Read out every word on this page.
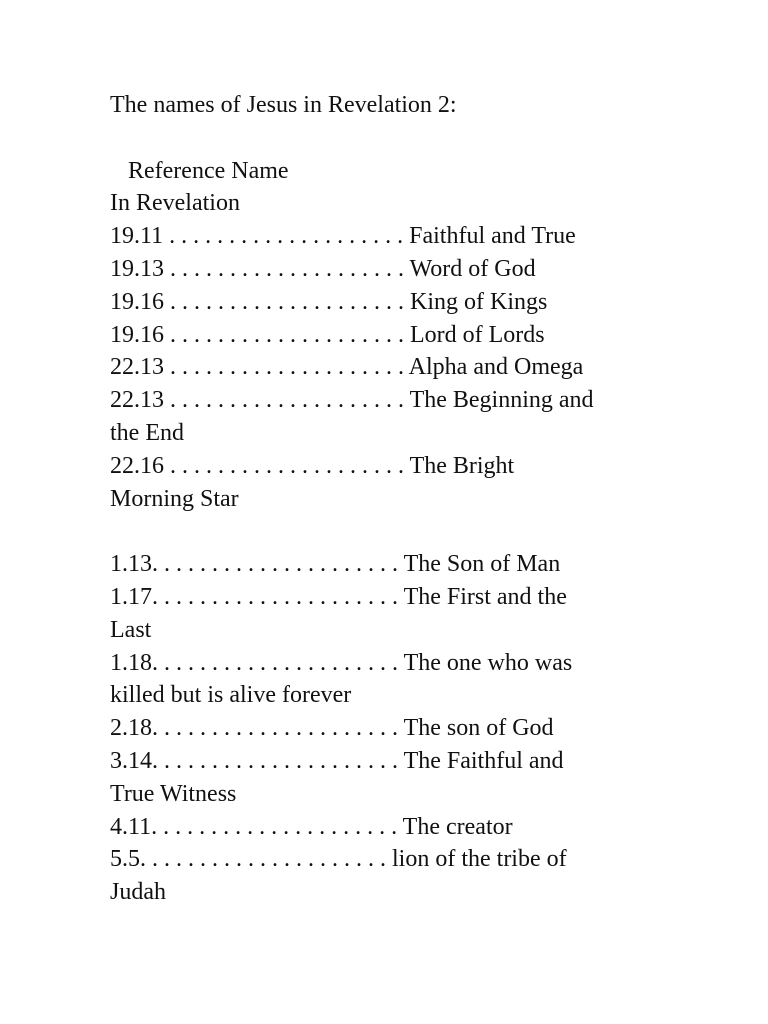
The names of Jesus in Revelation 2:
Reference Name
In Revelation
19.11 . . . . . . . . . . . . . . . . . . . . Faithful and True
19.13 . . . . . . . . . . . . . . . . . . . . Word of God
19.16 . . . . . . . . . . . . . . . . . . . . King of Kings
19.16 . . . . . . . . . . . . . . . . . . . . Lord of Lords
22.13 . . . . . . . . . . . . . . . . . . . . Alpha and Omega
22.13 . . . . . . . . . . . . . . . . . . . . The Beginning and
the End
22.16 . . . . . . . . . . . . . . . . . . . . The Bright
Morning Star
1.13. . . . . . . . . . . . . . . . . . . . . The Son of Man
1.17. . . . . . . . . . . . . . . . . . . . . The First and the
Last
1.18. . . . . . . . . . . . . . . . . . . . . The one who was
killed but is alive forever
2.18. . . . . . . . . . . . . . . . . . . . . The son of God
3.14. . . . . . . . . . . . . . . . . . . . . The Faithful and
True Witness
4.11. . . . . . . . . . . . . . . . . . . . . The creator
5.5. . . . . . . . . . . . . . . . . . . . . lion of the tribe of
Judah
